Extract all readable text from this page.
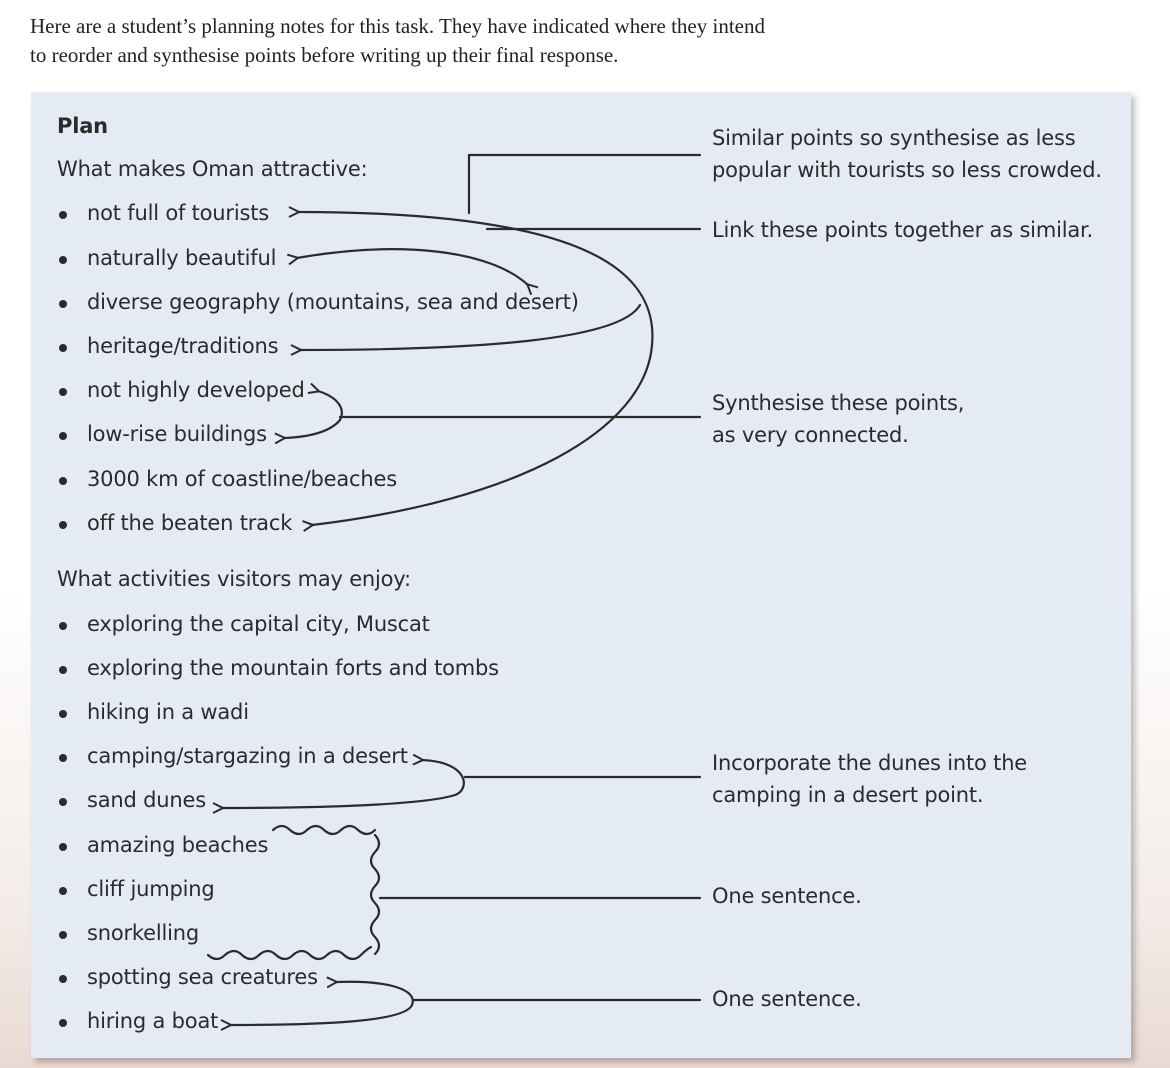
Here are a student’s planning notes for this task. They have indicated where they intend
to reorder and synthesise points before writing up their final response.
Plan
What makes Oman attractive:
not full of tourists
naturally beautiful
diverse geography (mountains, sea and desert)
heritage/traditions
not highly developed
low-rise buildings
3000 km of coastline/beaches
off the beaten track
What activities visitors may enjoy:
exploring the capital city, Muscat
exploring the mountain forts and tombs
hiking in a wadi
camping/stargazing in a desert
sand dunes
amazing beaches
cliff jumping
snorkelling
spotting sea creatures
hiring a boat
Similar points so synthesise as less
popular with tourists so less crowded.
Link these points together as similar.
Synthesise these points,
as very connected.
Incorporate the dunes into the
camping in a desert point.
One sentence.
One sentence.
